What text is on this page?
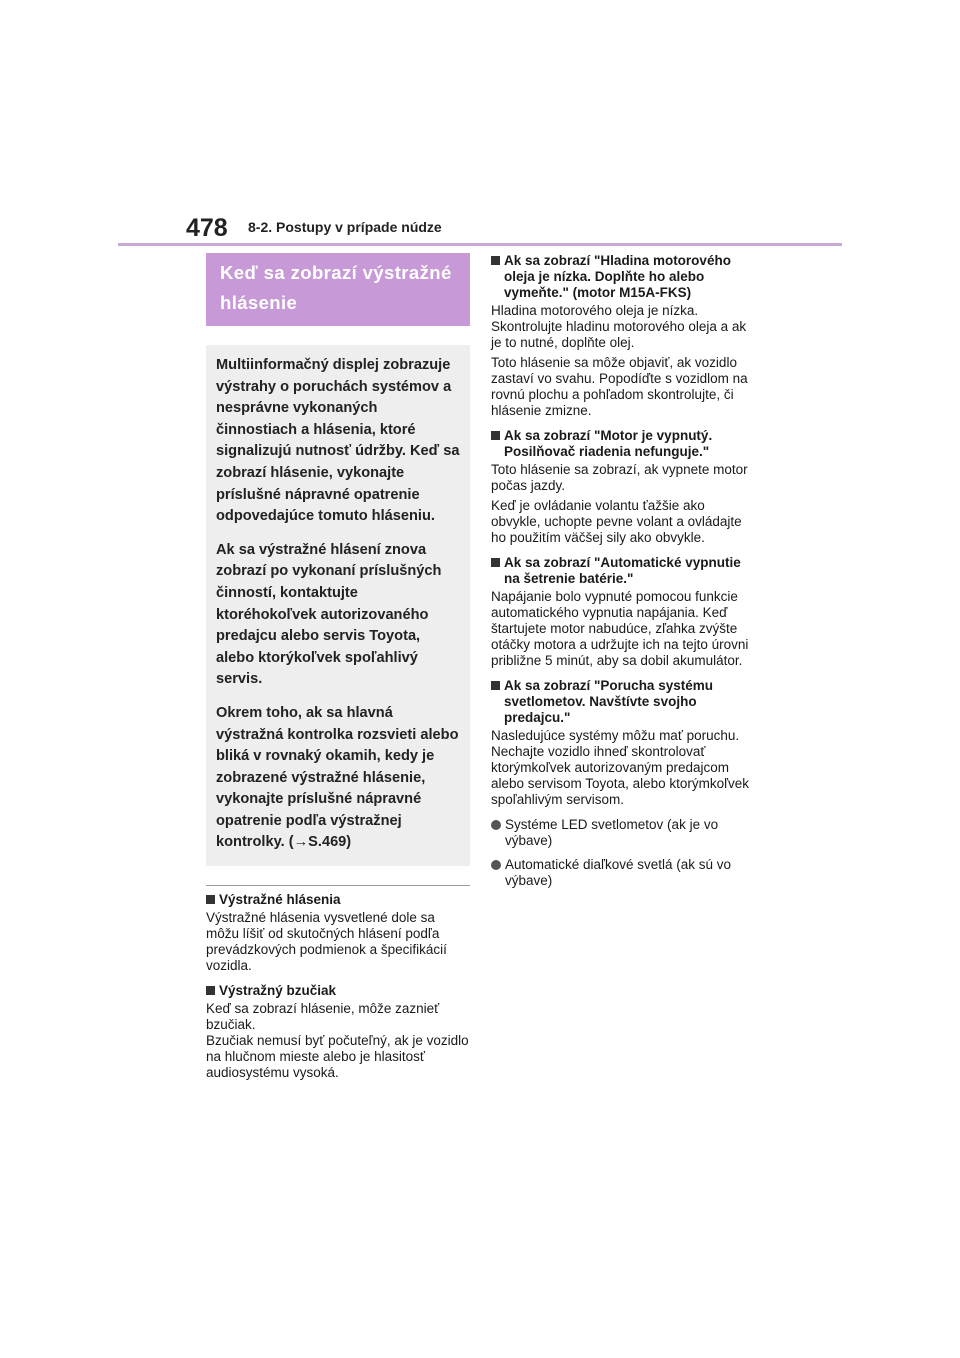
478 8-2. Postupy v prípade núdze
Keď sa zobrazí výstražné hlásenie

Multiinformačný displej zobrazuje výstrahy o poruchách systémov a nesprávne vykonaných činnostiach a hlásenia, ktoré signalizujú nutnosť údržby. Keď sa zobrazí hlásenie, vykonajte príslušné nápravné opatrenie odpovedajúce tomuto hláseniu.

Ak sa výstražné hlásení znova zobrazí po vykonaní príslušných činností, kontaktujte ktoréhokoľvek autorizovaného predajcu alebo servis Toyota, alebo ktorýkoľvek spoľahlivý servis.

Okrem toho, ak sa hlavná výstražná kontrolka rozsvieti alebo bliká v rovnaký okamih, kedy je zobrazené výstražné hlásenie, vykonajte príslušné nápravné opatrenie podľa výstražnej kontrolky. (→S.469)

Výstražné hlásenia
Výstražné hlásenia vysvetlené dole sa môžu líšiť od skutočných hlásení podľa prevádzkových podmienok a špecifikácií vozidla.
Výstražný bzučiak
Keď sa zobrazí hlásenie, môže zaznieť bzučiak.
Bzučiak nemusí byť počuteľný, ak je vozidlo na hlučnom mieste alebo je hlasitosť audiosystému vysoká.
Ak sa zobrazí "Hladina motorového oleja je nízka. Doplňte ho alebo vymeňte." (motor M15A-FKS)
Hladina motorového oleja je nízka. Skontrolujte hladinu motorového oleja a ak je to nutné, doplňte olej.
Toto hlásenie sa môže objaviť, ak vozidlo zastaví vo svahu. Popodíďte s vozidlom na rovnú plochu a pohľadom skontrolujte, či hlásenie zmizne.
Ak sa zobrazí "Motor je vypnutý. Posilňovač riadenia nefunguje."
Toto hlásenie sa zobrazí, ak vypnete motor počas jazdy.
Keď je ovládanie volantu ťažšie ako obvykle, uchopte pevne volant a ovládajte ho použitím väčšej sily ako obvykle.
Ak sa zobrazí "Automatické vypnutie na šetrenie batérie."
Napájanie bolo vypnuté pomocou funkcie automatického vypnutia napájania. Keď štartujete motor nabudúce, zľahka zvýšte otáčky motora a udržujte ich na tejto úrovni približne 5 minút, aby sa dobil akumulátor.
Ak sa zobrazí "Porucha systému svetlometov. Navštívte svojho predajcu."
Nasledujúce systémy môžu mať poruchu. Nechajte vozidlo ihneď skontrolovať ktorýmkoľvek autorizovaným predajcom alebo servisom Toyota, alebo ktorýmkoľvek spoľahlivým servisom.
Systéme LED svetlometov (ak je vo výbave)
Automatické diaľkové svetlá (ak sú vo výbave)
